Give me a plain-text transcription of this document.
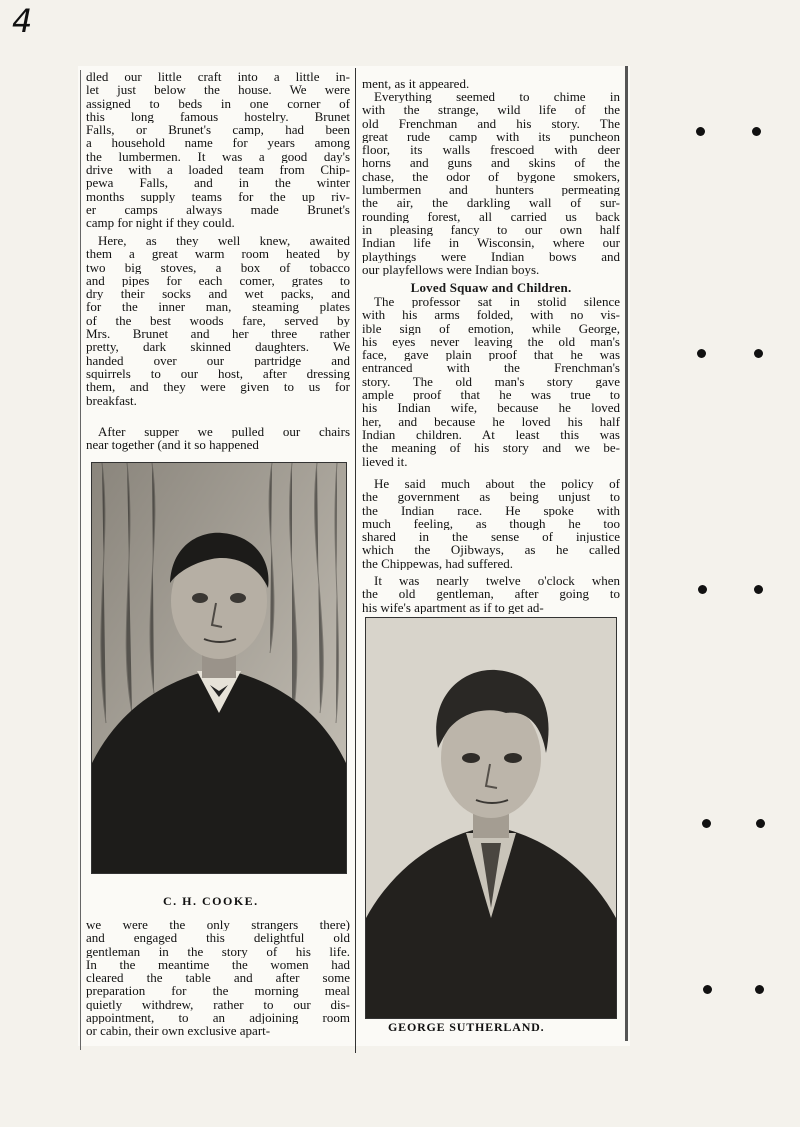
4
dled our little craft into a little in-
let just below the house. We were
assigned to beds in one corner of
this long famous hostelry. Brunet
Falls, or Brunet's camp, had been
a household name for years among
the lumbermen. It was a good day's
drive with a loaded team from Chip-
pewa Falls, and in the winter
months supply teams for the up riv-
er camps always made Brunet's
camp for night if they could.
Here, as they well knew, awaited
them a great warm room heated by
two big stoves, a box of tobacco
and pipes for each comer, grates to
dry their socks and wet packs, and
for the inner man, steaming plates
of the best woods fare, served by
Mrs. Brunet and her three rather
pretty, dark skinned daughters. We
handed over our partridge and
squirrels to our host, after dressing
them, and they were given to us for
breakfast.
After supper we pulled our chairs
near together (and it so happened
C. H. COOKE.
we were the only strangers there)
and engaged this delightful old
gentleman in the story of his life.
In the meantime the women had
cleared the table and after some
preparation for the morning meal
quietly withdrew, rather to our dis-
appointment, to an adjoining room
or cabin, their own exclusive apart-
ment, as it appeared.
Everything seemed to chime in
with the strange, wild life of the
old Frenchman and his story. The
great rude camp with its puncheon
floor, its walls frescoed with deer
horns and guns and skins of the
chase, the odor of bygone smokers,
lumbermen and hunters permeating
the air, the darkling wall of sur-
rounding forest, all carried us back
in pleasing fancy to our own half
Indian life in Wisconsin, where our
playthings were Indian bows and
our playfellows were Indian boys.
Loved Squaw and Children.
The professor sat in stolid silence
with his arms folded, with no vis-
ible sign of emotion, while George,
his eyes never leaving the old man's
face, gave plain proof that he was
entranced with the Frenchman's
story. The old man's story gave
ample proof that he was true to
his Indian wife, because he loved
her, and because he loved his half
Indian children. At least this was
the meaning of his story and we be-
lieved it.
He said much about the policy of
the government as being unjust to
the Indian race. He spoke with
much feeling, as though he too
shared in the sense of injustice
which the Ojibways, as he called
the Chippewas, had suffered.
It was nearly twelve o'clock when
the old gentleman, after going to
his wife's apartment as if to get ad-
GEORGE SUTHERLAND.
